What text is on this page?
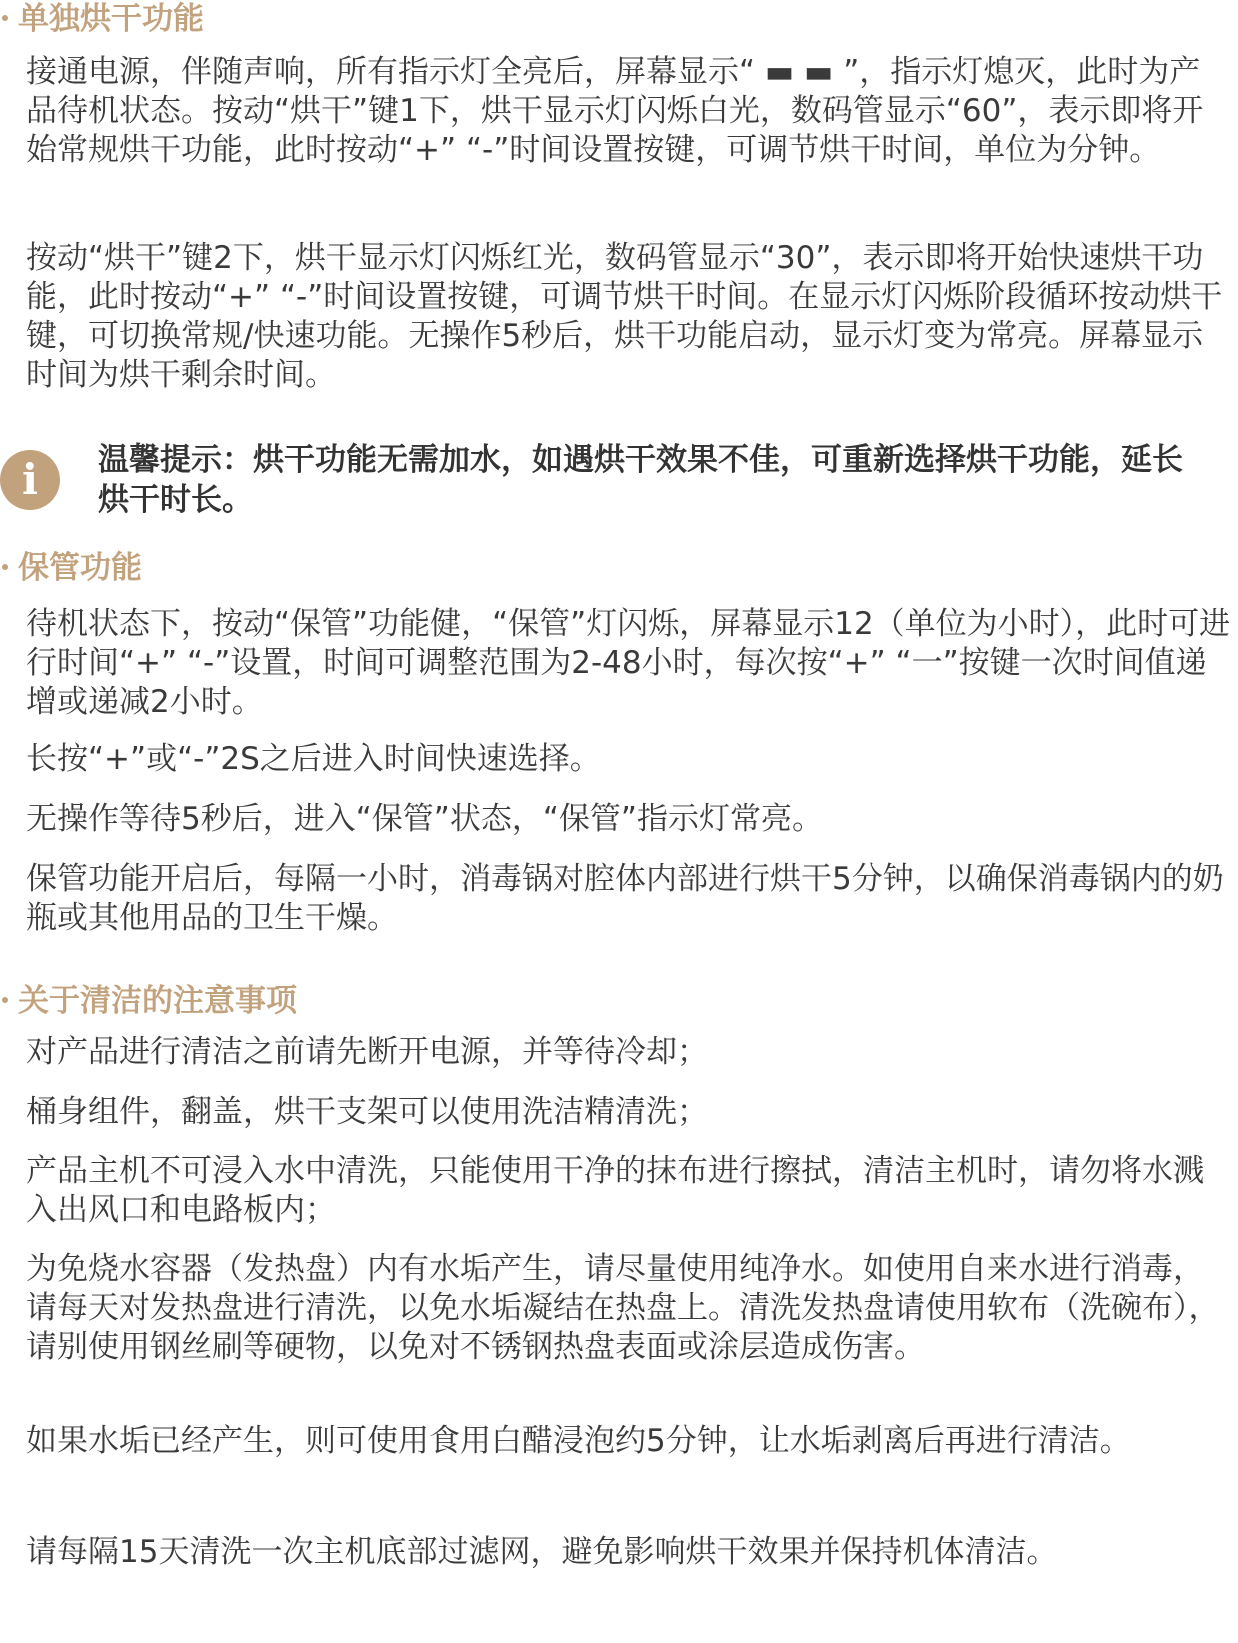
单独烘干功能

接通电源，伴随声响，所有指示灯全亮后，屏幕显示“ ▬ ▬ ”，指示灯熄灭，此时为产品待机状态。按动“烘干”键1下，烘干显示灯闪烁白光，数码管显示“60”，表示即将开始常规烘干功能，此时按动“+” “-”时间设置按键，可调节烘干时间，单位为分钟。

按动“烘干”键2下，烘干显示灯闪烁红光，数码管显示“30”，表示即将开始快速烘干功能，此时按动“+” “-”时间设置按键，可调节烘干时间。在显示灯闪烁阶段循环按动烘干键，可切换常规/快速功能。无操作5秒后，烘干功能启动，显示灯变为常亮。屏幕显示时间为烘干剩余时间。

i	温馨提示：烘干功能无需加水，如遇烘干效果不佳，可重新选择烘干功能，延长烘干时长。

保管功能

待机状态下，按动“保管”功能健，“保管”灯闪烁，屏幕显示12（单位为小时），此时可进行时间“+” “-”设置，时间可调整范围为2-48小时，每次按“+” “一”按键一次时间值递增或递减2小时。

长按“+”或“-”2S之后进入时间快速选择。

无操作等待5秒后，进入“保管”状态，“保管”指示灯常亮。

保管功能开启后，每隔一小时，消毒锅对腔体内部进行烘干5分钟，以确保消毒锅内的奶瓶或其他用品的卫生干燥。

关于清洁的注意事项

对产品进行清洁之前请先断开电源，并等待冷却；

桶身组件，翻盖，烘干支架可以使用洗洁精清洗；

产品主机不可浸入水中清洗，只能使用干净的抹布进行擦拭，清洁主机时，请勿将水溅入出风口和电路板内；

为免烧水容器（发热盘）内有水垢产生，请尽量使用纯净水。如使用自来水进行消毒，请每天对发热盘进行清洗，以免水垢凝结在热盘上。清洗发热盘请使用软布（洗碗布），请别使用钢丝刷等硬物，以免对不锈钢热盘表面或涂层造成伤害。

如果水垢已经产生，则可使用食用白醋浸泡约5分钟，让水垢剥离后再进行清洁。

请每隔15天清洗一次主机底部过滤网，避免影响烘干效果并保持机体清洁。
